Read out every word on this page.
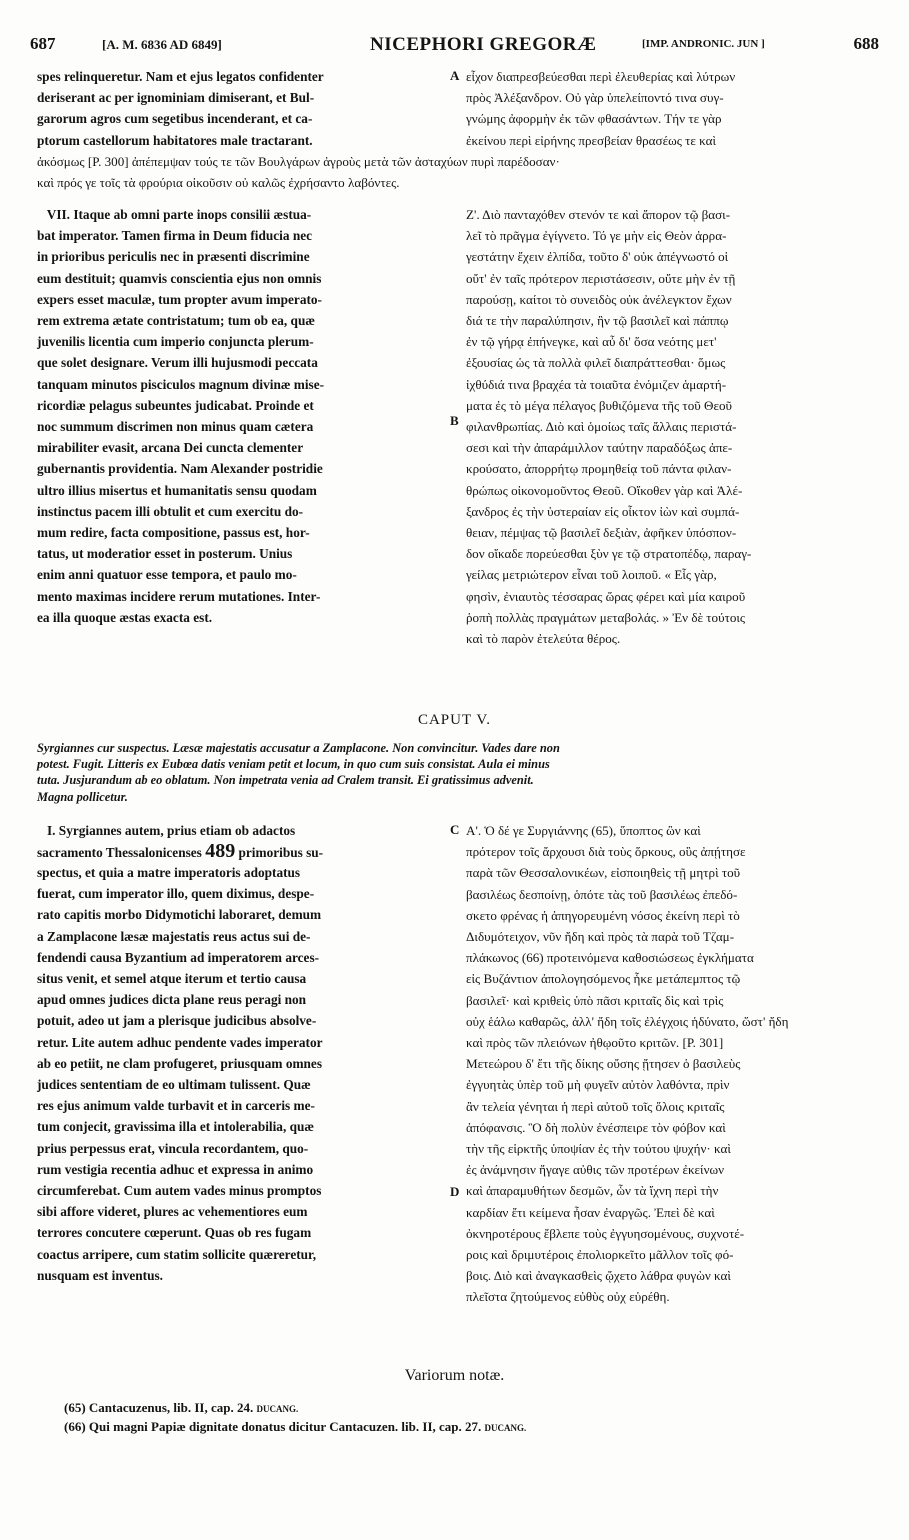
687	[A. M. 6836 AD 6849]	NICEPHORI GREGORÆ	[IMP. ANDRONIC. JUN ]	688
spes relinqueretur. Nam et ejus legatos confidenter
deriserant ac per ignominiam dimiserant, et Bul-
garorum agros cum segetibus incenderant, et ca-
ptorum castellorum habitatores male tractarant.
εἶχον διαπρεσβεύεσθαι περὶ ἐλευθερίας καὶ λύτρων
πρὸς Ἀλέξανδρον. Οὐ γὰρ ὑπελείποντό τινα συγ-
γνώμης ἀφορμὴν ἐκ τῶν φθασάντων. Τήν τε γὰρ
ἐκείνου περὶ εἰρήνης πρεσβείαν θρασέως τε καὶ
ἀκόσμως [P. 300] ἀπέπεμψαν τούς τε τῶν Βουλγάρων ἀγροὺς μετὰ τῶν ἀσταχύων πυρὶ παρέδοσαν·
καὶ πρός γε τοῖς τὰ φρούρια οἰκοῦσιν οὐ καλῶς ἐχρήσαντο λαβόντες.
VII. Itaque ab omni parte inops consilii æstua-
bat imperator. Tamen firma in Deum fiducia nec
in prioribus periculis nec in præsenti discrimine
eum destituit; quamvis conscientia ejus non omnis
expers esset maculæ, tum propter avum imperato-
rem extrema ætate contristatum; tum ob ea, quæ
juvenilis licentia cum imperio conjuncta plerum-
que solet designare. Verum illi hujusmodi peccata
tanquam minutos pisciculos magnum divinæ mise-
ricordiæ pelagus subeuntes judicabat. Proinde et
noc summum discrimen non minus quam cætera
mirabiliter evasit, arcana Dei cuncta clementer
gubernantis providentia. Nam Alexander postridie
ultro illius misertus et humanitatis sensu quodam
instinctus pacem illi obtulit et cum exercitu do-
mum redire, facta compositione, passus est, hor-
tatus, ut moderatior esset in posterum. Unius
enim anni quatuor esse tempora, et paulo mo-
mento maximas incidere rerum mutationes. Inter-
ea illa quoque æstas exacta est.
Ζ'. Διὸ πανταχόθεν στενόν τε καὶ ἄπορον τῷ βασι-
λεῖ τὸ πρᾶγμα ἐγίγνετο. Τό γε μὴν εἰς Θεὸν ἀρρα-
γεστάτην ἔχειν ἐλπίδα, τοῦτο δ' οὐκ ἀπέγνωστό οἱ
οὔτ' ἐν ταῖς πρότερον περιστάσεσιν, οὔτε μὴν ἐν τῇ
παρούσῃ, καίτοι τὸ συνειδὸς οὐκ ἀνέλεγκτον ἔχων
διά τε τὴν παραλύπησιν, ἣν τῷ βασιλεῖ καὶ πάππῳ
ἐν τῷ γήρᾳ ἐπήνεγκε, καὶ αὖ δι' ὅσα νεότης μετ'
ἐξουσίας ὡς τὰ πολλὰ φιλεῖ διαπράττεσθαι· ὅμως
ἰχθύδιά τινα βραχέα τὰ τοιαῦτα ἐνόμιζεν ἁμαρτή-
ματα ἐς τὸ μέγα πέλαγος βυθιζόμενα τῆς τοῦ Θεοῦ
φιλανθρωπίας. Διὸ καὶ ὁμοίως ταῖς ἄλλαις περιστά-
σεσι καὶ τὴν ἀπαράμιλλον ταύτην παραδόξως ἀπε-
κρούσατο, ἀπορρήτῳ προμηθείᾳ τοῦ πάντα φιλαν-
θρώπως οἰκονομοῦντος Θεοῦ. Οἴκοθεν γὰρ καὶ Ἀλέ-
ξανδρος ἐς τὴν ὑστεραίαν εἰς οἶκτον ἰὼν καὶ συμπά-
θειαν, πέμψας τῷ βασιλεῖ δεξιὰν, ἀφῆκεν ὑπόσπον-
δον οἴκαδε πορεύεσθαι ξὺν γε τῷ στρατοπέδῳ, παραγ-
γείλας μετριώτερον εἶναι τοῦ λοιποῦ. « Εἷς γὰρ,
φησὶν, ἐνιαυτὸς τέσσαρας ὥρας φέρει καὶ μία καιροῦ
ῥοπὴ πολλὰς πραγμάτων μεταβολάς. » Ἐν δὲ τούτοις
καὶ τὸ παρὸν ἐτελεύτα θέρος.
CAPUT V.
Syrgiannes cur suspectus. Læsæ majestatis accusatur a Zamplacone. Non convincitur. Vades dare non
potest. Fugit. Litteris ex Eubœa datis veniam petit et locum, in quo cum suis consistat. Aula ei minus
tuta. Jusjurandum ab eo oblatum. Non impetrata venia ad Cralem transit. Ei gratissimus advenit.
Magna pollicetur.
I. Syrgiannes autem, prius etiam ob adactos
sacramento Thessalonicenses 489 primoribus su-
spectus, et quia a matre imperatoris adoptatus
fuerat, cum imperator illo, quem diximus, despe-
rato capitis morbo Didymotichi laboraret, demum
a Zamplacone læsæ majestatis reus actus sui de-
fendendi causa Byzantium ad imperatorem arces-
situs venit, et semel atque iterum et tertio causa
apud omnes judices dicta plane reus peragi non
potuit, adeo ut jam a plerisque judicibus absolve-
retur. Lite autem adhuc pendente vades imperator
ab eo petiit, ne clam profugeret, priusquam omnes
judices sententiam de eo ultimam tulissent. Quæ
res ejus animum valde turbavit et in carceris me-
tum conjecit, gravissima illa et intolerabilia, quæ
prius perpessus erat, vincula recordantem, quo-
rum vestigia recentia adhuc et expressa in animo
circumferebat. Cum autem vades minus promptos
sibi affore videret, plures ac vehementiores eum
terrores concutere cœperunt. Quas ob res fugam
coactus arripere, cum statim sollicite quæreretur,
nusquam est inventus.
Α'. Ὁ δέ γε Συργιάννης (65), ὕποπτος ὢν καὶ
πρότερον τοῖς ἄρχουσι διὰ τοὺς ὅρκους, οὓς ἀπῄτησε
παρὰ τῶν Θεσσαλονικέων, εἰσποιηθεὶς τῇ μητρὶ τοῦ
βασιλέως δεσποίνῃ, ὁπότε τὰς τοῦ βασιλέως ἐπεδό-
σκετο φρένας ἡ ἀπηγορευμένη νόσος ἐκείνη περὶ τὸ
Διδυμότειχον, νῦν ἤδη καὶ πρὸς τὰ παρὰ τοῦ Τζαμ-
πλάκωνος (66) προτεινόμενα καθοσιώσεως ἐγκλήματα
εἰς Βυζάντιον ἀπολογησόμενος ἧκε μετάπεμπτος τῷ
βασιλεῖ· καὶ κριθεὶς ὑπὸ πᾶσι κριταῖς δὶς καὶ τρὶς
οὐχ ἑάλω καθαρῶς, ἀλλ' ἤδη τοῖς ἐλέγχοις ἡδύνατο, ὥστ' ἤδη
καὶ πρὸς τῶν πλειόνων ἠθῳοῦτο κριτῶν. [P. 301]
Μετεώρου δ' ἔτι τῆς δίκης οὔσης ᾔτησεν ὁ βασιλεὺς
ἐγγυητὰς ὑπὲρ τοῦ μὴ φυγεῖν αὐτὸν λαθόντα, πρὶν
ἂν τελεία γένηται ἡ περὶ αὐτοῦ τοῖς ὅλοις κριταῖς
ἀπόφανσις. Ὃ δὴ πολὺν ἐνέσπειρε τὸν φόβον καὶ
τὴν τῆς εἱρκτῆς ὑποψίαν ἐς τὴν τούτου ψυχήν· καὶ
ἐς ἀνάμνησιν ἤγαγε αὐθις τῶν προτέρων ἐκείνων
καὶ ἀπαραμυθήτων δεσμῶν, ὧν τὰ ἴχνη περὶ τὴν
καρδίαν ἔτι κείμενα ἦσαν ἐναργῶς. Ἐπεὶ δὲ καὶ
ὀκνηροτέρους ἔβλεπε τοὺς ἐγγυησομένους, συχνοτέ-
ροις καὶ δριμυτέροις ἐπολιορκεῖτο μᾶλλον τοῖς φό-
βοις. Διὸ καὶ ἀναγκασθεὶς ᾤχετο λάθρα φυγὼν καὶ
πλεῖστα ζητούμενος εὐθὺς οὐχ εὑρέθη.
A
B
C
D
Variorum notæ.
(65) Cantacuzenus, lib. II, cap. 24. DUCANG.
(66) Qui magni Papiæ dignitate donatus dicitur Cantacuzen. lib. II, cap. 27. DUCANG.
